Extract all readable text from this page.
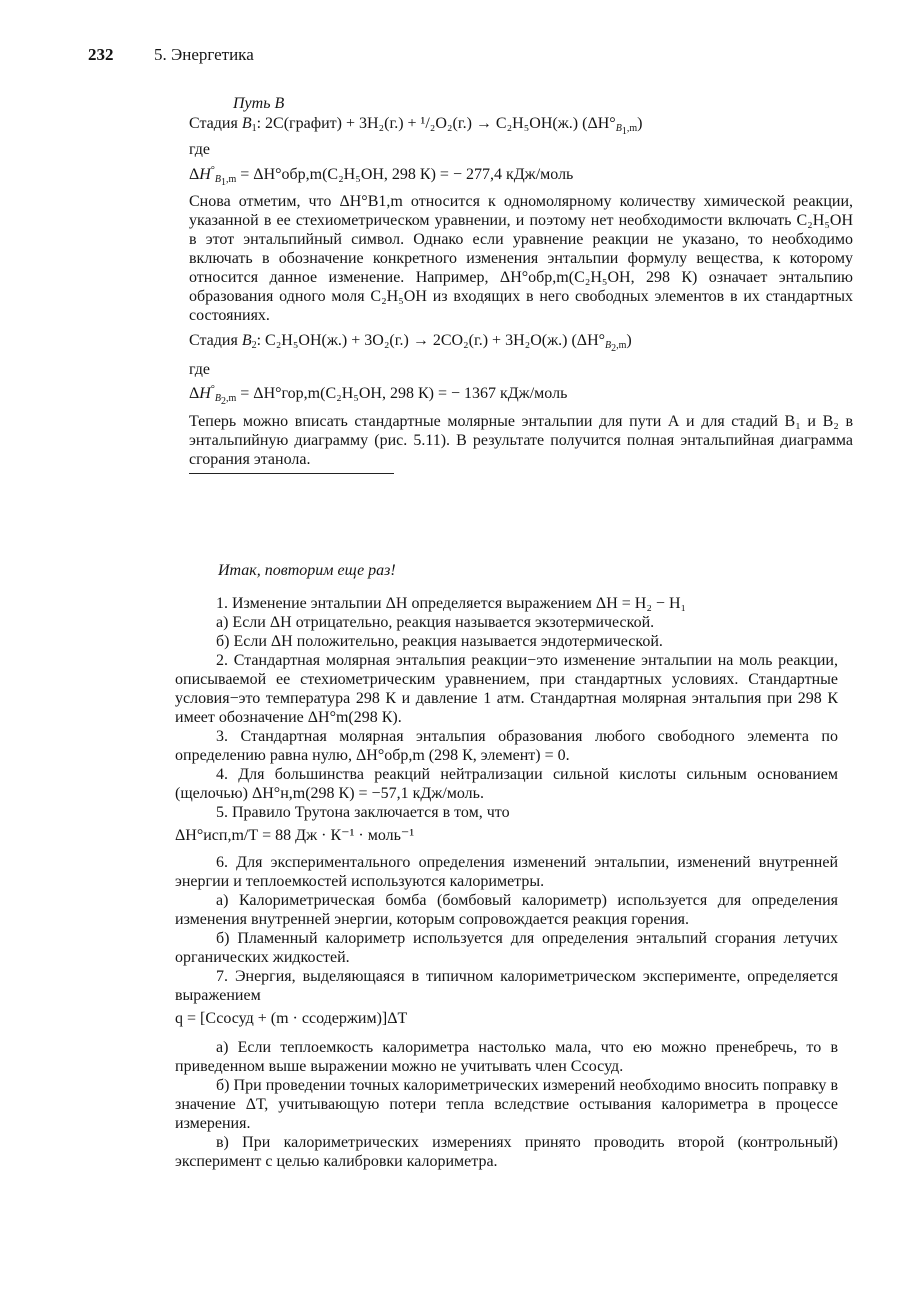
232 5. Энергетика
Путь В
Стадия $В_1$: 2С(графит) + 3Н₂(г.) + ¹/₂О₂(г.) → С₂Н₅ОН(ж.) $(\Delta Н^\circ_{В_1,m})$
где
$\Delta Н^\circ_{В_1,m} = \Delta Н^\circ обр,m(С_2Н_5ОН$, 298 К) = − 277,4 кДж/моль

Снова отметим, что ΔН°B1,m относится к одномолярному количеству химической реакции, указанной в ее стехиометрическом уравнении, и поэтому нет необходимости включать С₂Н₅ОН в этот энтальпийный символ. Однако если уравнение реакции не указано, то необходимо включать в обозначение конкретного изменения энтальпии формулу вещества, к которому относится данное изменение. Например, ΔН°обр,m(С₂Н₅ОН, 298 К) означает энтальпию образования одного моля С₂Н₅ОН из входящих в него свободных элементов в их стандартных состояниях.

Стадия $В_2$: С₂Н₅ОН(ж.) + 3О₂(г.) → 2СО₂(г.) + 3Н₂О(ж.) $(\Delta Н^\circ_{В_2,m})$
где
$\Delta Н^\circ_{В_2,m} = \Delta Н^\circ гор,m(С_2Н_5ОН$, 298 К) = − 1367 кДж/моль

Теперь можно вписать стандартные молярные энтальпии для пути А и для стадий В₁ и В₂ в энтальпийную диаграмму (рис. 5.11). В результате получится полная энтальпийная диаграмма сгорания этанола.

Итак, повторим еще раз!

1. Изменение энтальпии ΔН определяется выражением ΔН = Н₂ − Н₁

а) Если ΔН отрицательно, реакция называется экзотермической.

б) Если ΔН положительно, реакция называется эндотермической.

2. Стандартная молярная энтальпия реакции−это изменение энтальпии на моль реакции, описываемой ее стехиометрическим уравнением, при стандартных условиях. Стандартные условия−это температура 298 К и давление 1 атм. Стандартная молярная энтальпия при 298 К имеет обозначение ΔН°m(298 К).

3. Стандартная молярная энтальпия образования любого свободного элемента по определению равна нулю, ΔН°обр,m (298 К, элемент) = 0.

4. Для большинства реакций нейтрализации сильной кислоты сильным основанием (щелочью) ΔН°н,m(298 К) = −57,1 кДж/моль.

5. Правило Трутона заключается в том, что

ΔН°исп,m/Т = 88 Дж · К⁻¹ · моль⁻¹

6. Для экспериментального определения изменений энтальпии, изменений внутренней энергии и теплоемкостей используются калориметры.

а) Калориметрическая бомба (бомбовый калориметр) используется для определения изменения внутренней энергии, которым сопровождается реакция горения.

б) Пламенный калориметр используется для определения энтальпий сгорания летучих органических жидкостей.

7. Энергия, выделяющаяся в типичном калориметрическом эксперименте, определяется выражением

q = [Ссосуд + (m · ссодержим)]ΔТ

а) Если теплоемкость калориметра настолько мала, что ею можно пренебречь, то в приведенном выше выражении можно не учитывать член Ссосуд.

б) При проведении точных калориметрических измерений необходимо вносить поправку в значение ΔТ, учитывающую потери тепла вследствие остывания калориметра в процессе измерения.

в) При калориметрических измерениях принято проводить второй (контрольный) эксперимент с целью калибровки калориметра.
